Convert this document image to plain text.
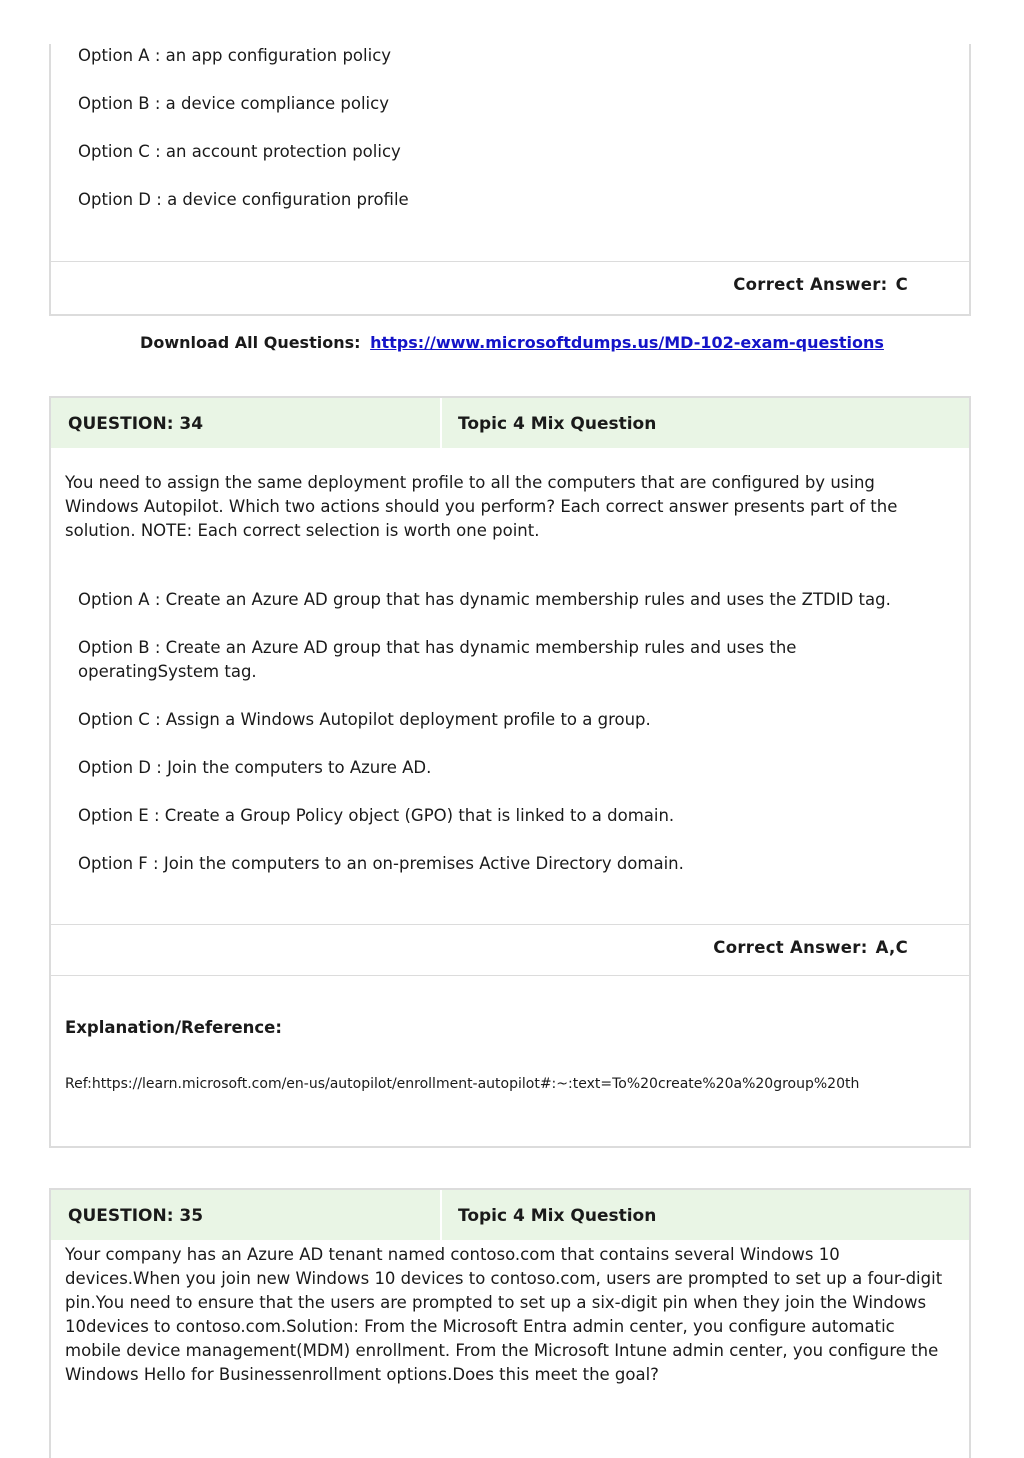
Option A : an app configuration policy
Option B : a device compliance policy
Option C : an account protection policy
Option D : a device configuration profile
Correct Answer: C
Download All Questions: https://www.microsoftdumps.us/MD-102-exam-questions
QUESTION: 34	Topic 4 Mix Question
You need to assign the same deployment profile to all the computers that are configured by using Windows Autopilot. Which two actions should you perform? Each correct answer presents part of the solution. NOTE: Each correct selection is worth one point.
Option A : Create an Azure AD group that has dynamic membership rules and uses the ZTDID tag.
Option B : Create an Azure AD group that has dynamic membership rules and uses the operatingSystem tag.
Option C : Assign a Windows Autopilot deployment profile to a group.
Option D : Join the computers to Azure AD.
Option E : Create a Group Policy object (GPO) that is linked to a domain.
Option F : Join the computers to an on-premises Active Directory domain.
Correct Answer: A,C
Explanation/Reference:
Ref:https://learn.microsoft.com/en-us/autopilot/enrollment-autopilot#:~:text=To%20create%20a%20group%20th
QUESTION: 35	Topic 4 Mix Question
Your company has an Azure AD tenant named contoso.com that contains several Windows 10 devices.When you join new Windows 10 devices to contoso.com, users are prompted to set up a four-digit pin.You need to ensure that the users are prompted to set up a six-digit pin when they join the Windows 10devices to contoso.com.Solution: From the Microsoft Entra admin center, you configure automatic mobile device management(MDM) enrollment. From the Microsoft Intune admin center, you configure the Windows Hello for Businessenrollment options.Does this meet the goal?
